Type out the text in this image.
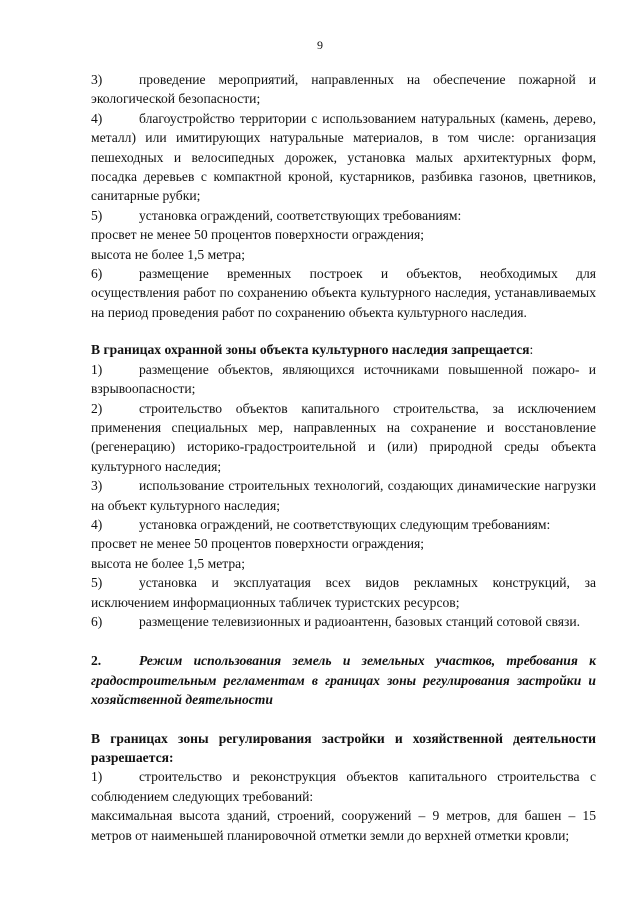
9

3)	проведение мероприятий, направленных на обеспечение пожарной и экологической безопасности;

4)	благоустройство территории с использованием натуральных (камень, дерево, металл) или имитирующих натуральные материалов, в том числе: организация пешеходных и велосипедных дорожек, установка малых архитектурных форм, посадка деревьев с компактной кроной, кустарников, разбивка газонов, цветников, санитарные рубки;

5)	установка ограждений, соответствующих требованиям:

просвет не менее 50 процентов поверхности ограждения;

высота не более 1,5 метра;

6)	размещение временных построек и объектов, необходимых для осуществления работ по сохранению объекта культурного наследия, устанавливаемых на период проведения работ по сохранению объекта культурного наследия.

В границах охранной зоны объекта культурного наследия запрещается:

1)	размещение объектов, являющихся источниками повышенной пожаро- и взрывоопасности;

2)	строительство объектов капитального строительства, за исключением применения специальных мер, направленных на сохранение и восстановление (регенерацию) историко-градостроительной и (или) природной среды объекта культурного наследия;

3)	использование строительных технологий, создающих динамические нагрузки на объект культурного наследия;

4)	установка ограждений, не соответствующих следующим требованиям:

просвет не менее 50 процентов поверхности ограждения;

высота не более 1,5 метра;

5)	установка и эксплуатация всех видов рекламных конструкций, за исключением информационных табличек туристских ресурсов;

6)	размещение телевизионных и радиоантенн, базовых станций сотовой связи.

2.	Режим использования земель и земельных участков, требования к градостроительным регламентам в границах зоны регулирования застройки и хозяйственной деятельности

В границах зоны регулирования застройки и хозяйственной деятельности разрешается:

1)	строительство и реконструкция объектов капитального строительства с соблюдением следующих требований:

максимальная высота зданий, строений, сооружений – 9 метров, для башен – 15 метров от наименьшей планировочной отметки земли до верхней отметки кровли;
